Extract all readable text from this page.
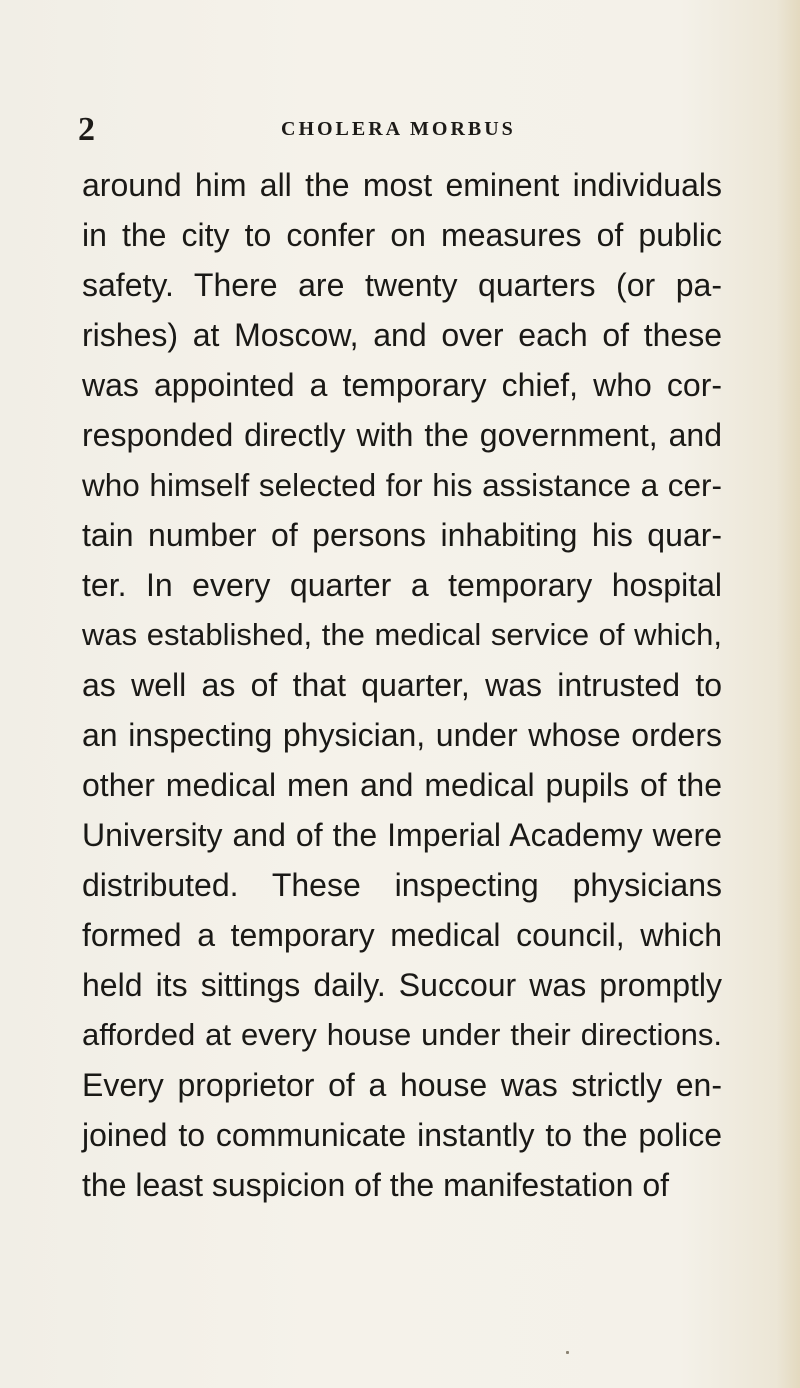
2	CHOLERA MORBUS
around him all the most eminent individuals
in the city to confer on measures of public
safety. There are twenty quarters (or pa-
rishes) at Moscow, and over each of these
was appointed a temporary chief, who cor-
responded directly with the government, and
who himself selected for his assistance a cer-
tain number of persons inhabiting his quar-
ter. In every quarter a temporary hospital
was established, the medical service of which,
as well as of that quarter, was intrusted to
an inspecting physician, under whose orders
other medical men and medical pupils of the
University and of the Imperial Academy were
distributed. These inspecting physicians
formed a temporary medical council, which
held its sittings daily. Succour was promptly
afforded at every house under their directions.
Every proprietor of a house was strictly en-
joined to communicate instantly to the police
the least suspicion of the manifestation of
